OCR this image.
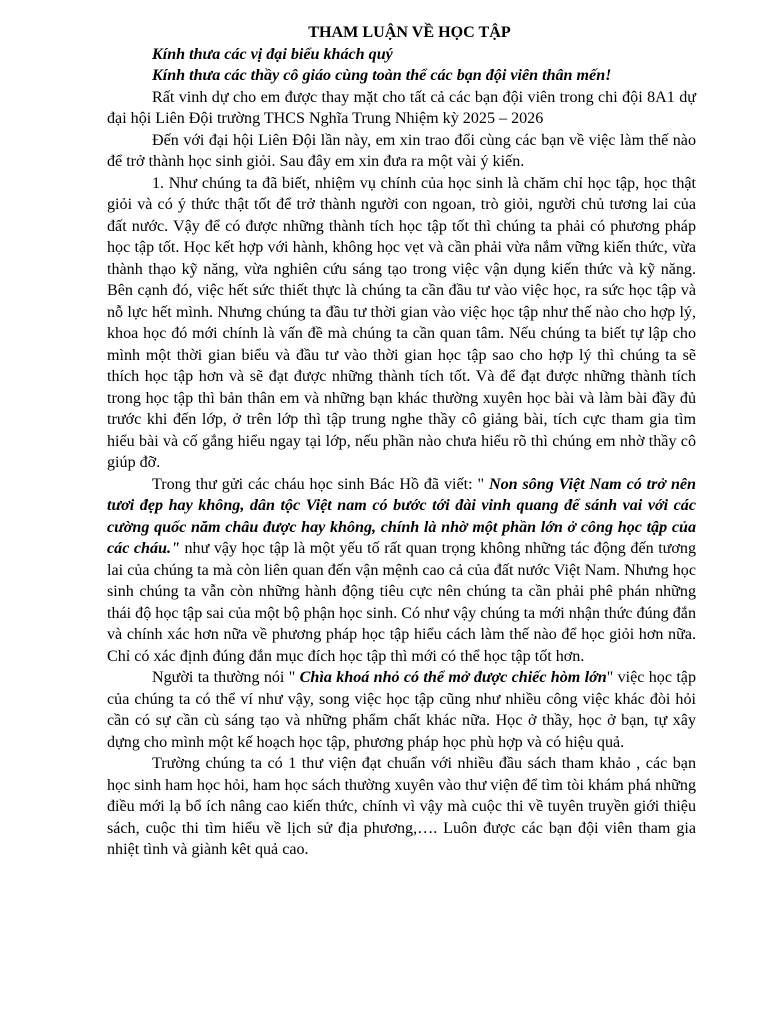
THAM LUẬN VỀ HỌC TẬP

Kính thưa các vị đại biểu khách quý

Kính thưa các thầy cô giáo cùng toàn thể các bạn đội viên thân mến!

Rất vinh dự cho em được thay mặt cho tất cả các bạn đội viên trong chi đội 8A1 dự đại hội Liên Đội trường THCS Nghĩa Trung Nhiệm kỳ 2025 – 2026

Đến với đại hội Liên Đội lần này, em xin trao đổi cùng các bạn về việc làm thế nào để trở thành học sinh giỏi. Sau đây em xin đưa ra một vài ý kiến.

1. Như chúng ta đã biết, nhiệm vụ chính của học sinh là chăm chỉ học tập, học thật giỏi và có ý thức thật tốt để trở thành người con ngoan, trò giỏi, người chủ tương lai của đất nước. Vậy để có được những thành tích học tập tốt thì chúng ta phải có phương pháp học tập tốt. Học kết hợp với hành, không học vẹt và cần phải vừa nắm vững kiến thức, vừa thành thạo kỹ năng, vừa nghiên cứu sáng tạo trong việc vận dụng kiến thức và kỹ năng. Bên cạnh đó, việc hết sức thiết thực là chúng ta cần đầu tư vào việc học, ra sức học tập và nỗ lực hết mình. Nhưng chúng ta đầu tư thời gian vào việc học tập như thế nào cho hợp lý, khoa học đó mới chính là vấn đề mà chúng ta cần quan tâm. Nếu chúng ta biết tự lập cho mình một thời gian biểu và đầu tư vào thời gian học tập sao cho hợp lý thì chúng ta sẽ thích học tập hơn và sẽ đạt được những thành tích tốt. Và để đạt được những thành tích trong học tập thì bản thân em và những bạn khác thường xuyên học bài và làm bài đầy đủ trước khi đến lớp, ở trên lớp thì tập trung nghe thầy cô giảng bài, tích cực tham gia tìm hiểu bài và cố gắng hiểu ngay tại lớp, nếu phần nào chưa hiểu rõ thì chúng em nhờ thầy cô giúp đỡ.

Trong thư gửi các cháu học sinh Bác Hồ đã viết: " Non sông Việt Nam có trở nên tươi đẹp hay không, dân tộc Việt nam có bước tới đài vinh quang để sánh vai với các cường quốc năm châu được hay không, chính là nhờ một phần lớn ở công học tập của các cháu." như vậy học tập là một yếu tố rất quan trọng không những tác động đến tương lai của chúng ta mà còn liên quan đến vận mệnh cao cả của đất nước Việt Nam. Nhưng học sinh chúng ta vẫn còn những hành động tiêu cực nên chúng ta cần phải phê phán những thái độ học tập sai của một bộ phận học sinh. Có như vậy chúng ta mới nhận thức đúng đắn và chính xác hơn nữa về phương pháp học tập hiểu cách làm thế nào để học giỏi hơn nữa. Chỉ có xác định đúng đắn mục đích học tập thì mới có thể học tập tốt hơn.

Người ta thường nói " Chìa khoá nhỏ có thể mở được chiếc hòm lớn" việc học tập của chúng ta có thể ví như vậy, song việc học tập cũng như nhiều công việc khác đòi hỏi cần có sự cần cù sáng tạo và những phẩm chất khác nữa. Học ở thầy, học ở bạn, tự xây dựng cho mình một kế hoạch học tập, phương pháp học phù hợp và có hiệu quả.

Trường chúng ta có 1 thư viện đạt chuẩn với nhiều đầu sách tham khảo , các bạn học sinh ham học hỏi, ham học sách thường xuyên vào thư viện để tìm tòi khám phá những điều mới lạ bổ ích nâng cao kiến thức, chính vì vậy mà cuộc thi về tuyên truyền giới thiệu sách, cuộc thi tìm hiểu về lịch sử địa phương,…. Luôn được các bạn đội viên tham gia nhiệt tình và giành kêt quả cao.
